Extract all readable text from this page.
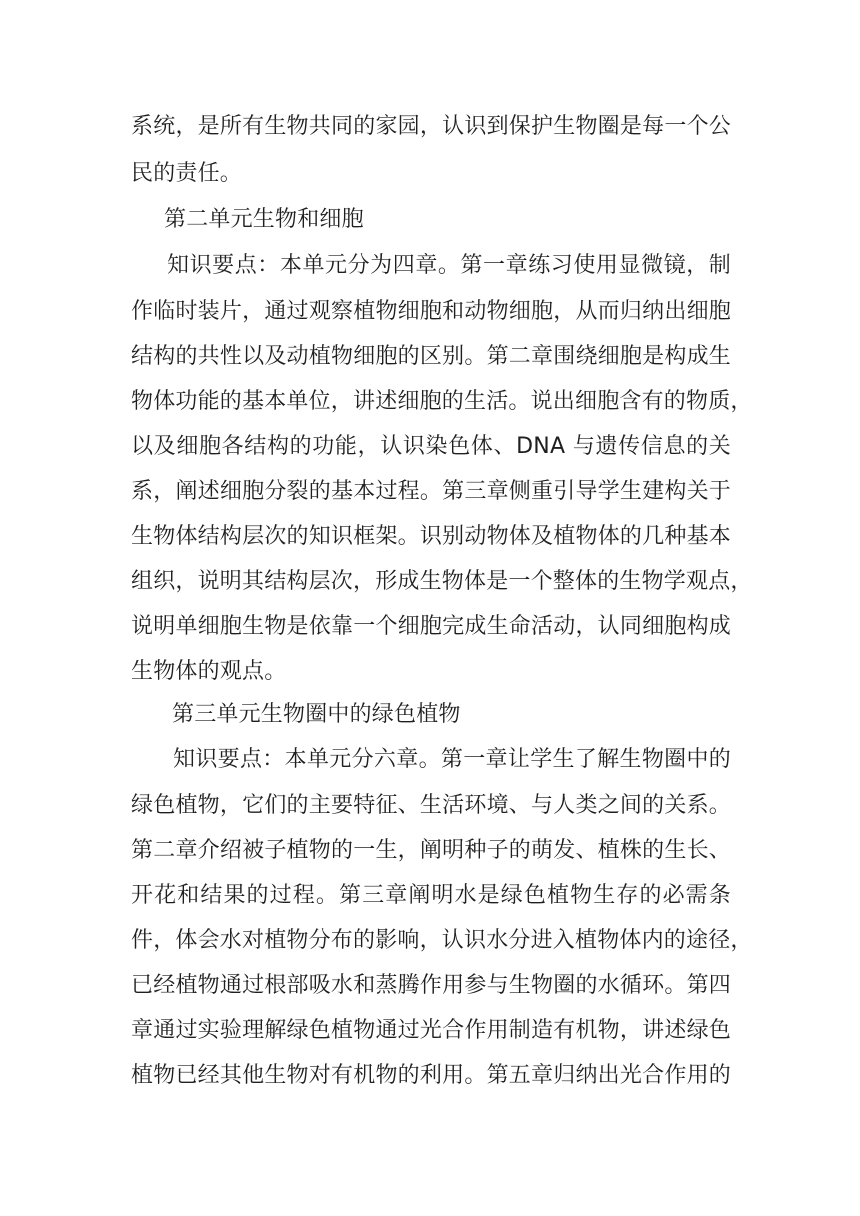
系统，是所有生物共同的家园，认识到保护生物圈是每一个公
民的责任。
第二单元生物和细胞
知识要点：本单元分为四章。第一章练习使用显微镜，制
作临时装片，通过观察植物细胞和动物细胞，从而归纳出细胞
结构的共性以及动植物细胞的区别。第二章围绕细胞是构成生
物体功能的基本单位，讲述细胞的生活。说出细胞含有的物质，
以及细胞各结构的功能，认识染色体、DNA 与遗传信息的关
系，阐述细胞分裂的基本过程。第三章侧重引导学生建构关于
生物体结构层次的知识框架。识别动物体及植物体的几种基本
组织，说明其结构层次，形成生物体是一个整体的生物学观点，
说明单细胞生物是依靠一个细胞完成生命活动，认同细胞构成
生物体的观点。
第三单元生物圈中的绿色植物
知识要点：本单元分六章。第一章让学生了解生物圈中的
绿色植物，它们的主要特征、生活环境、与人类之间的关系。
第二章介绍被子植物的一生，阐明种子的萌发、植株的生长、
开花和结果的过程。第三章阐明水是绿色植物生存的必需条
件，体会水对植物分布的影响，认识水分进入植物体内的途径，
已经植物通过根部吸水和蒸腾作用参与生物圈的水循环。第四
章通过实验理解绿色植物通过光合作用制造有机物，讲述绿色
植物已经其他生物对有机物的利用。第五章归纳出光合作用的
